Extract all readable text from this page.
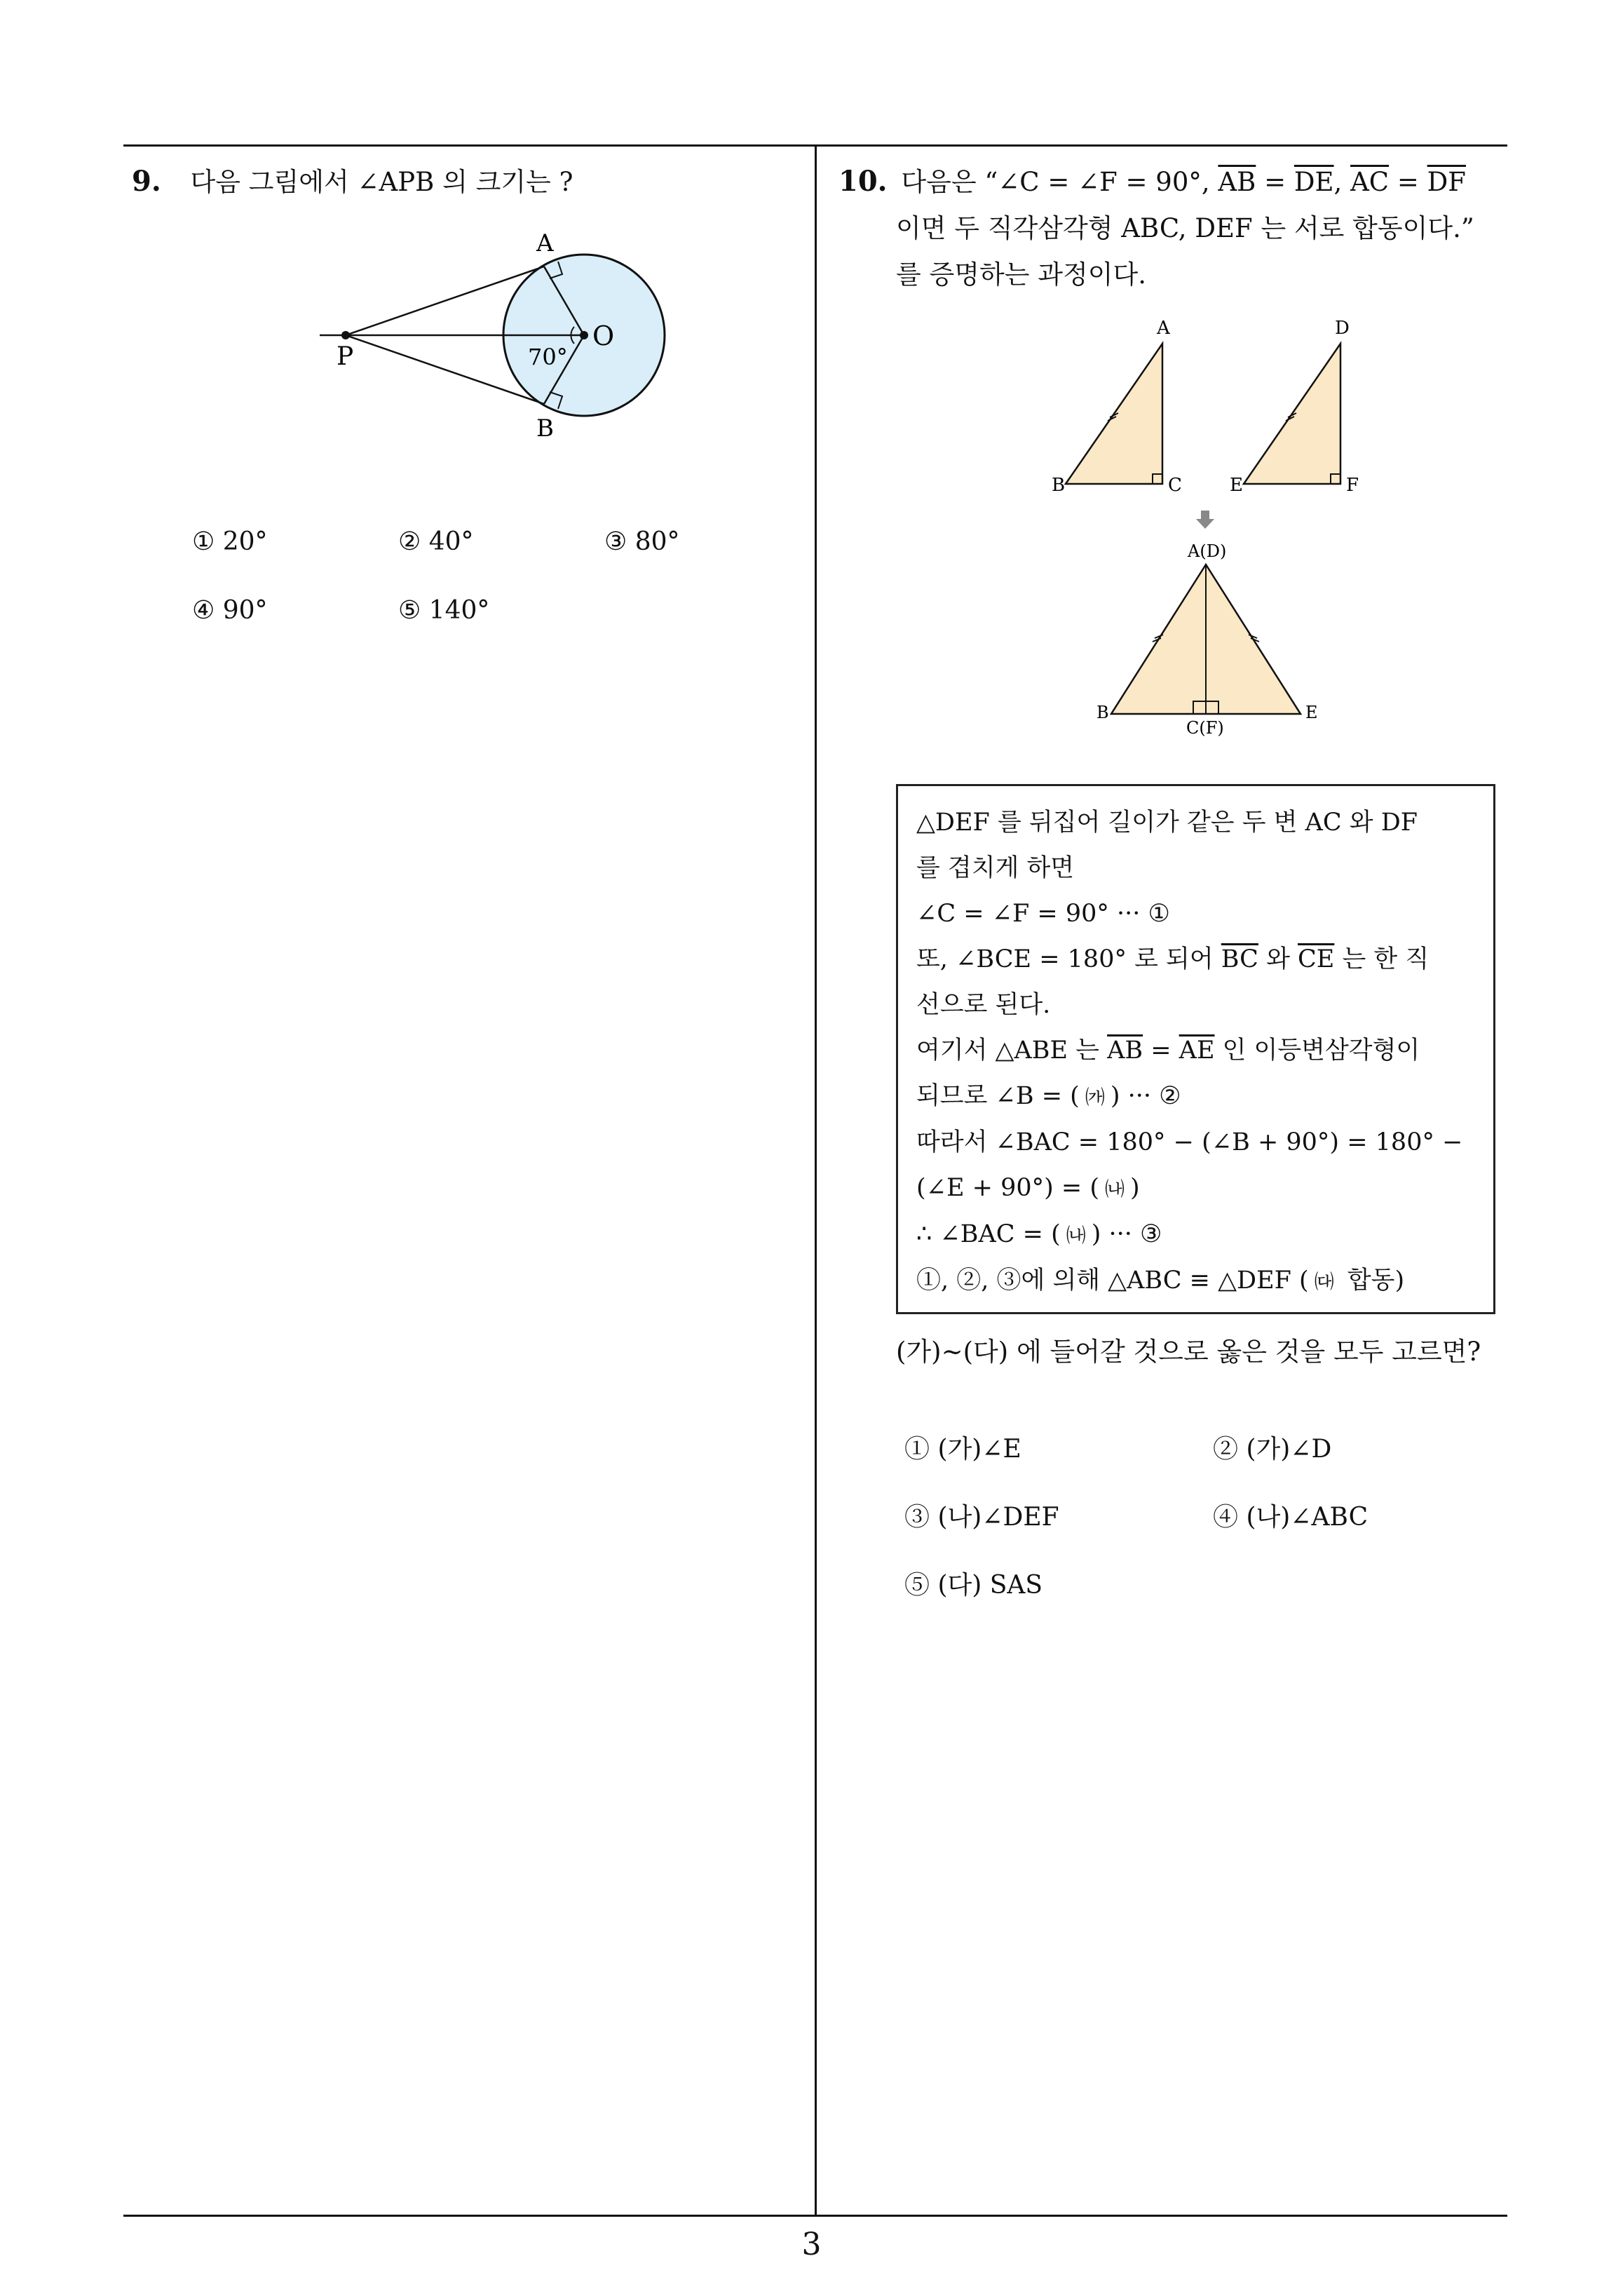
9. 다음 그림에서 ∠APB 의 크기는 ?
A
B
O
P	70°
① 20°	② 40°	③ 80°
④ 90°	⑤ 140°
10. 다음은 “∠C = ∠F = 90°, $\overline{AB} = \overline{DE}$, $\overline{AC} = \overline{DF}$
이면 두 직각삼각형 ABC, DEF 는 서로 합동이다.”
를 증명하는 과정이다.
A
B	C
D
E	F
A(D)
B
C(F)
E
△DEF 를 뒤집어 길이가 같은 두 변 AC 와 DF
를 겹치게 하면
∠C = ∠F = 90° ··· ①
또, ∠BCE = 180° 로 되어 $\overline{BC}$ 와 $\overline{CE}$ 는 한 직
선으로 된다.
여기서 △ABE 는 $\overline{AB} = \overline{AE}$ 인 이등변삼각형이
되므로 ∠B = ( ㈎ ) ··· ②
따라서 ∠BAC = 180° − (∠B + 90°) = 180° −
(∠E + 90°) = ( ㈏ )
∴ ∠BAC = ( ㈏ ) ··· ③
①, ②, ③에 의해 △ABC ≡ △DEF ( ㈐ 합동)
(가)~(다) 에 들어갈 것으로 옳은 것을 모두 고르면?
① (가)∠E	② (가)∠D
③ (나)∠DEF	④ (나)∠ABC
⑤ (다) SAS
3
